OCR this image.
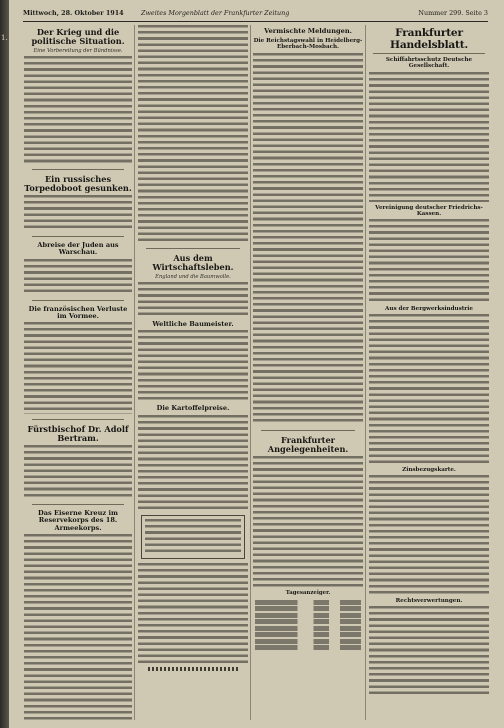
1.
Mittwoch, 28. Oktober 1914	Zweites Morgenblatt der Frankfurter Zeitung	Nummer 299. Seite 3
Der Krieg und die politische Situation.
Eine Vorbereitung der Bündnisse.
Ein russisches Torpedoboot gesunken.
Abreise der Juden aus Warschau.
Die französischen Verluste im Vormee.
Fürstbischof Dr. Adolf Bertram.
Das Eiserne Kreuz im Reservekorps des 18. Armeekorps.
Aus dem Wirtschaftsleben.
England und die Baumwolle.
Weltliche Baumeister.
Die Kartoffelpreise.
Vermischte Meldungen.
Die Reichstagswahl in Heidelberg-Eberbach-Mosbach.
Frankfurter Angelegenheiten.
Tagesanzeiger.
Frankfurter Handelsblatt.
Schiffahrtsschutz Deutsche Gesellschaft.
Vereinigung deutscher Friedrichs-Kassen.
Aus der Bergwerksindustrie
Zinsbezugskarte.
Rechtsverwertungen.
